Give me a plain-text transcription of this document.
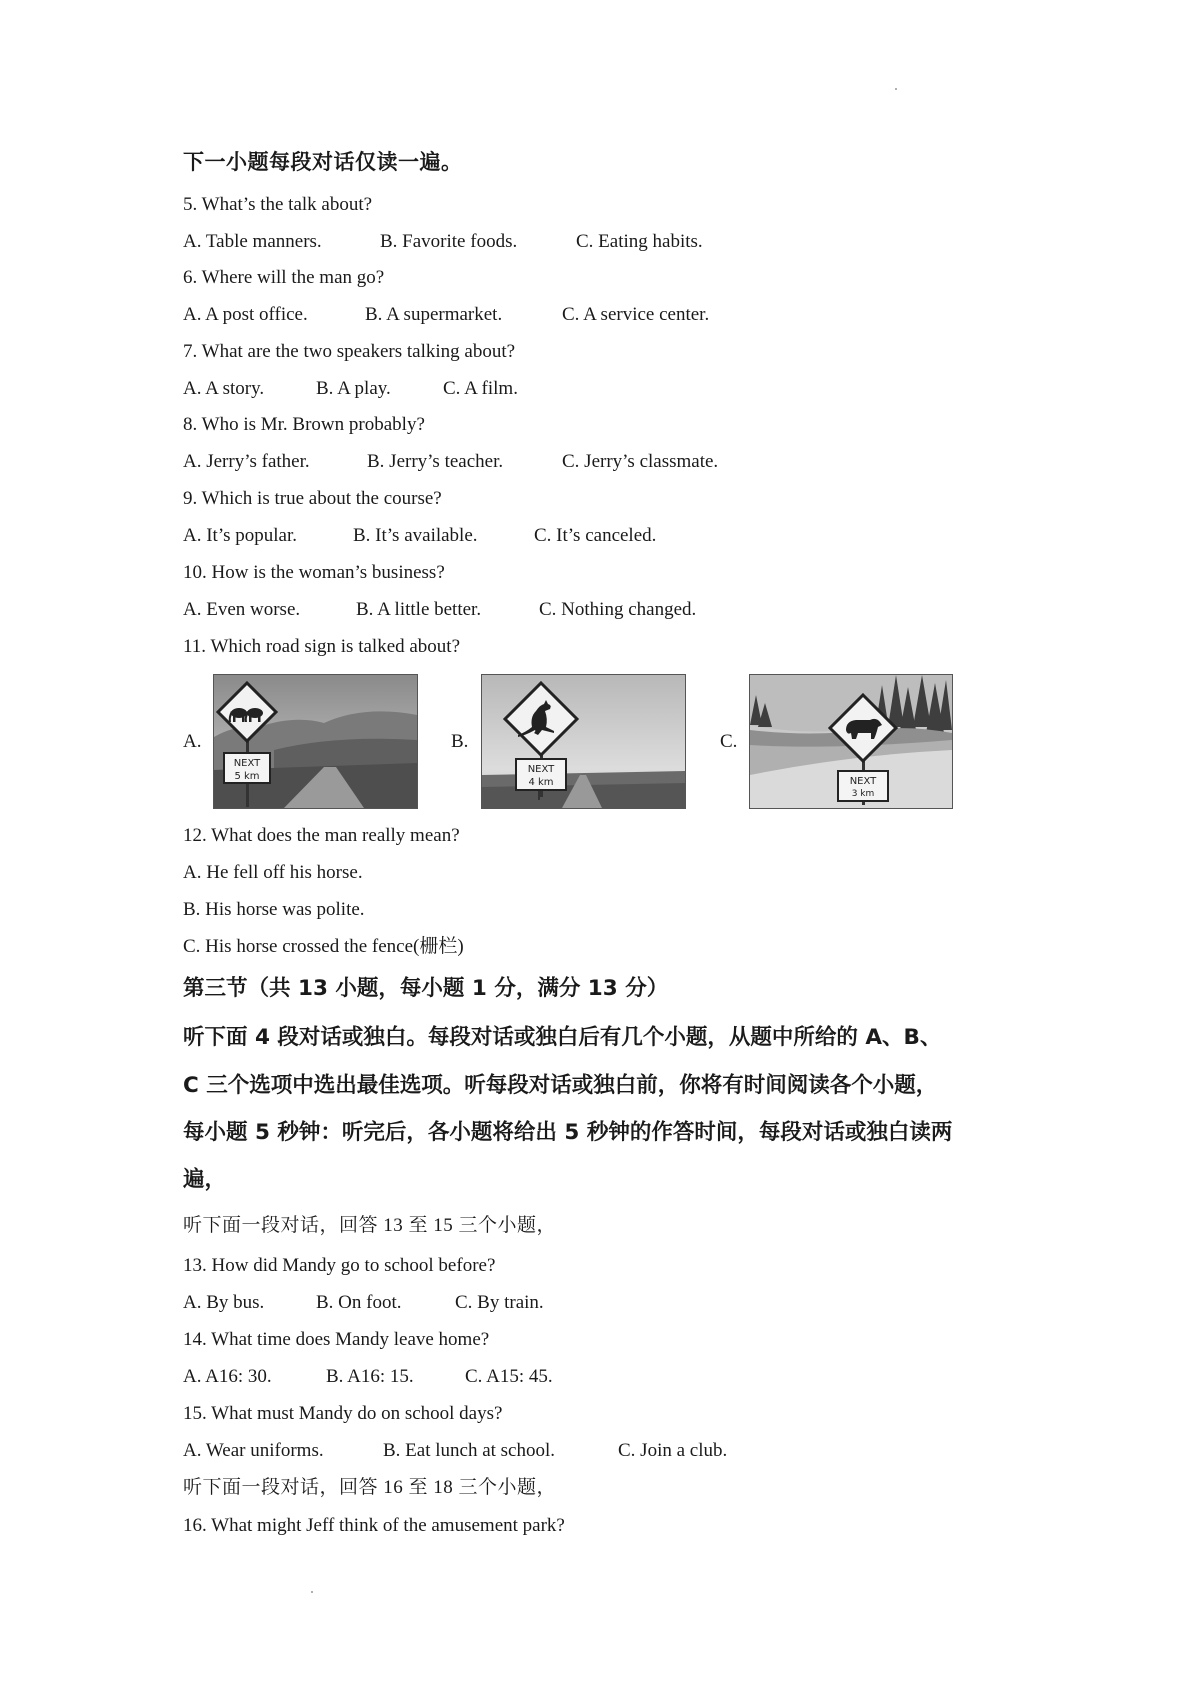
下一小题每段对话仅读一遍。
5. What’s the talk about?
A. Table manners.	B. Favorite foods.	C. Eating habits.
6. Where will the man go?
A. A post office.	B. A supermarket.	C. A service center.
7. What are the two speakers talking about?
A. A story.	B. A play.	C. A film.
8. Who is Mr. Brown probably?
A. Jerry’s father.	B. Jerry’s teacher.	C. Jerry’s classmate.
9. Which is true about the course?
A. It’s popular.	B. It’s available.	C. It’s canceled.
10. How is the woman’s business?
A. Even worse.	B. A little better.	C. Nothing changed.
11. Which road sign is talked about?
A.
NEXT
5 km
B.
NEXT
4 km
C.
NEXT
3 km
12. What does the man really mean?
A. He fell off his horse.
B. His horse was polite.
C. His horse crossed the fence(栅栏)
第三节（共 13 小题，每小题 1 分，满分 13 分）
听下面 4 段对话或独白。每段对话或独白后有几个小题，从题中所给的 A、B、
C 三个选项中选出最佳选项。听每段对话或独白前，你将有时间阅读各个小题，
每小题 5 秒钟：听完后，各小题将给出 5 秒钟的作答时间，每段对话或独白读两
遍，
听下面一段对话，回答 13 至 15 三个小题，
13. How did Mandy go to school before?
A. By bus.	B. On foot.	C. By train.
14. What time does Mandy leave home?
A. A16: 30.	B. A16: 15.	C. A15: 45.
15. What must Mandy do on school days?
A. Wear uniforms.	B. Eat lunch at school.	C. Join a club.
听下面一段对话，回答 16 至 18 三个小题，
16. What might Jeff think of the amusement park?
